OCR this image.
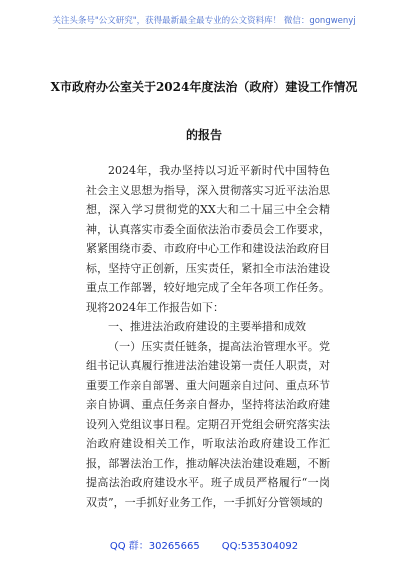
关注头条号"公文研究"，获得最新最全最专业的公文资料库！ 微信：gongwenyj
X市政府办公室关于2024年度法治（政府）建设工作情况
的报告

2024年，我办坚持以习近平新时代中国特色社会主义思想为指导，深入贯彻落实习近平法治思想，深入学习贯彻党的XX大和二十届三中全会精神，认真落实市委全面依法治市委员会工作要求，紧紧围绕市委、市政府中心工作和建设法治政府目标，坚持守正创新，压实责任，紧扣全市法治建设重点工作部署，较好地完成了全年各项工作任务。现将2024年工作报告如下：

一、推进法治政府建设的主要举措和成效

（一）压实责任链条，提高法治管理水平。党组书记认真履行推进法治建设第一责任人职责，对重要工作亲自部署、重大问题亲自过问、重点环节亲自协调、重点任务亲自督办，坚持将法治政府建设列入党组议事日程。定期召开党组会研究落实法治政府建设相关工作，听取法治政府建设工作汇报，部署法治工作，推动解决法治建设难题，不断提高法治政府建设水平。班子成员严格履行“一岗双责”，一手抓好业务工作，一手抓好分管领域的

QQ 群：30265665 QQ:535304092
